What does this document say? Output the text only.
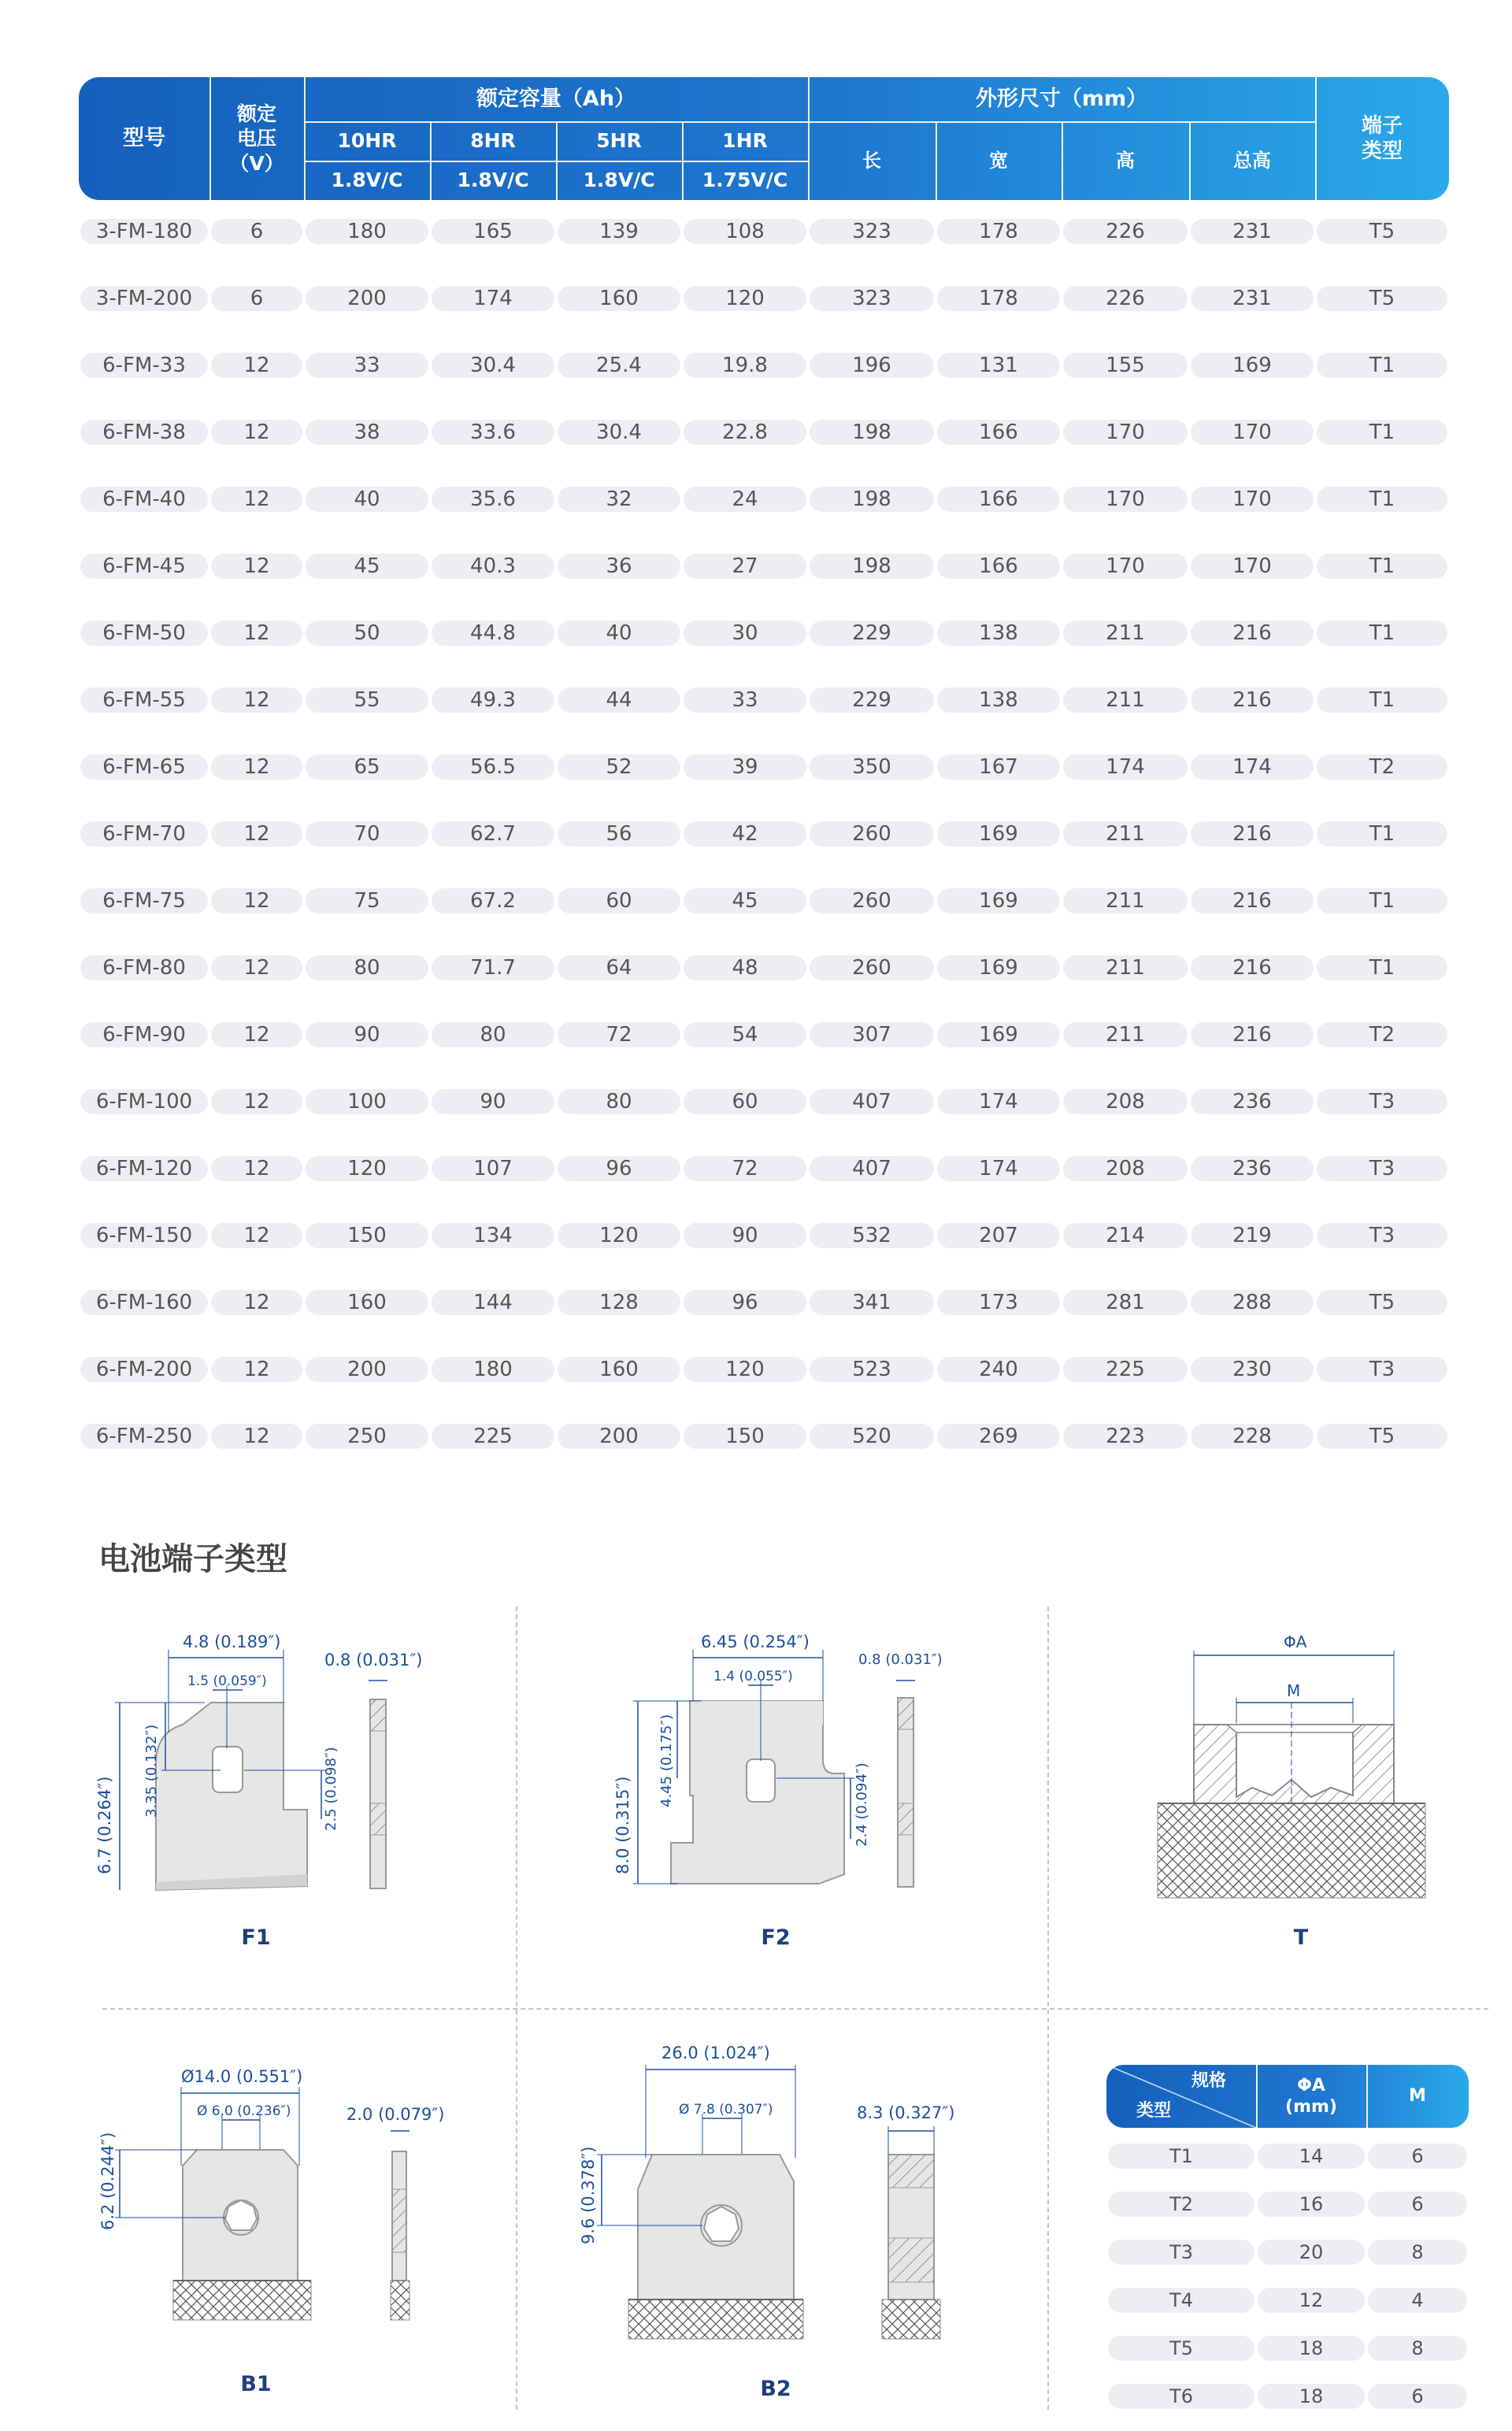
型号
额定
电压
（V）
额定容量（Ah）
10HR	8HR	5HR	1HR
1.8V/C	1.8V/C	1.8V/C	1.75V/C
外形尺寸（mm）
长	宽	高	总高
端子
类型
3-FM-180	6	180	165	139	108	323	178	226	231	T5
3-FM-200	6	200	174	160	120	323	178	226	231	T5
6-FM-33	12	33	30.4	25.4	19.8	196	131	155	169	T1
6-FM-38	12	38	33.6	30.4	22.8	198	166	170	170	T1
6-FM-40	12	40	35.6	32	24	198	166	170	170	T1
6-FM-45	12	45	40.3	36	27	198	166	170	170	T1
6-FM-50	12	50	44.8	40	30	229	138	211	216	T1
6-FM-55	12	55	49.3	44	33	229	138	211	216	T1
6-FM-65	12	65	56.5	52	39	350	167	174	174	T2
6-FM-70	12	70	62.7	56	42	260	169	211	216	T1
6-FM-75	12	75	67.2	60	45	260	169	211	216	T1
6-FM-80	12	80	71.7	64	48	260	169	211	216	T1
6-FM-90	12	90	80	72	54	307	169	211	216	T2
6-FM-100	12	100	90	80	60	407	174	208	236	T3
6-FM-120	12	120	107	96	72	407	174	208	236	T3
6-FM-150	12	150	134	120	90	532	207	214	219	T3
6-FM-160	12	160	144	128	96	341	173	281	288	T5
6-FM-200	12	200	180	160	120	523	240	225	230	T3
6-FM-250	12	250	225	200	150	520	269	223	228	T5
电池端子类型
4.8 (0.189″)
1.5 (0.059″)
0.8 (0.031″)
6.7 (0.264″)
3.35 (0.132″)	2.5 (0.098″)
F1
6.45 (0.254″)
1.4 (0.055″)
0.8 (0.031″)
8.0 (0.315″)
4.45 (0.175″)	2.4 (0.094″)
F2
ΦA
M
T
Ø14.0 (0.551″)
Ø 6.0 (0.236″)	2.0 (0.079″)
6.2 (0.244″)
B1
26.0 (1.024″)
Ø 7.8 (0.307″)	8.3 (0.327″)
9.6 (0.378″)
B2
规格
类型
ΦA
(mm)
M
T1	14	6
T2	16	6
T3	20	8
T4	12	4
T5	18	8
T6	18	6
